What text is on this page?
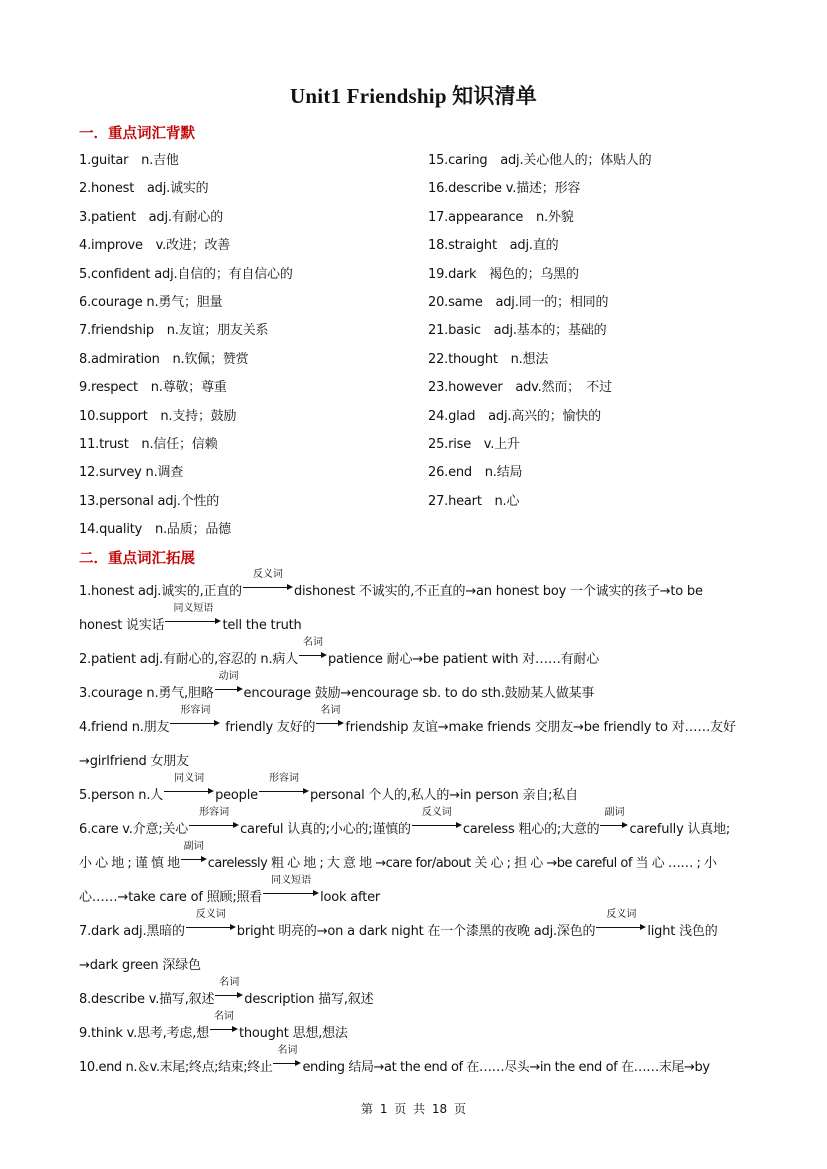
Unit1 Friendship 知识清单
一．重点词汇背默
1.guitar　n.吉他
2.honest　adj.诚实的
3.patient　adj.有耐心的
4.improve　v.改进；改善
5.confident adj.自信的；有自信心的
6.courage n.勇气；胆量
7.friendship　n.友谊；朋友关系
8.admiration　n.钦佩；赞赏
9.respect　n.尊敬；尊重
10.support　n.支持；鼓励
11.trust　n.信任；信赖
12.survey n.调查
13.personal adj.个性的
14.quality　n.品质；品德
15.caring　adj.关心他人的；体贴人的
16.describe v.描述；形容
17.appearance　n.外貌
18.straight　adj.直的
19.dark　褐色的；乌黑的
20.same　adj.同一的；相同的
21.basic　adj.基本的；基础的
22.thought　n.想法
23.however　adv.然而；　不过
24.glad　adj.高兴的；愉快的
25.rise　v.上升
26.end　n.结局
27.heart　n.心
二．重点词汇拓展
1.honest adj.诚实的,正直的
反义词
dishonest 不诚实的,不正直的→an honest boy 一个诚实的孩子→to be
honest 说实话
同义短语
tell the truth
2.patient adj.有耐心的,容忍的 n.病人
名词
patience 耐心→be patient with 对……有耐心
3.courage n.勇气,胆略
动词
encourage 鼓励→encourage sb. to do sth.鼓励某人做某事
4.friend n.朋友
形容词
friendly 友好的
名词
friendship 友谊→make friends 交朋友→be friendly to 对……友好
→girlfriend 女朋友
5.person n.人
同义词
people
形容词
personal 个人的,私人的→in person 亲自;私自
6.care v.介意;关心
形容词
careful 认真的;小心的;谨慎的
反义词
careless 粗心的;大意的
副词
carefully 认真地;
小 心 地 ; 谨 慎 地
副词
carelessly 粗 心 地 ; 大 意 地 →care for/about 关 心 ; 担 心 →be careful of 当 心 …… ; 小
心……→take care of 照顾;照看
同义短语
look after
7.dark adj.黑暗的
反义词
bright 明亮的→on a dark night 在一个漆黑的夜晚 adj.深色的
反义词
light 浅色的
→dark green 深绿色
8.describe v.描写,叙述
名词
description 描写,叙述
9.think v.思考,考虑,想
名词
thought 思想,想法
10.end n.＆v.末尾;终点;结束;终止
名词
ending 结局→at the end of 在……尽头→in the end of 在……末尾→by
第 1 页 共 18 页
